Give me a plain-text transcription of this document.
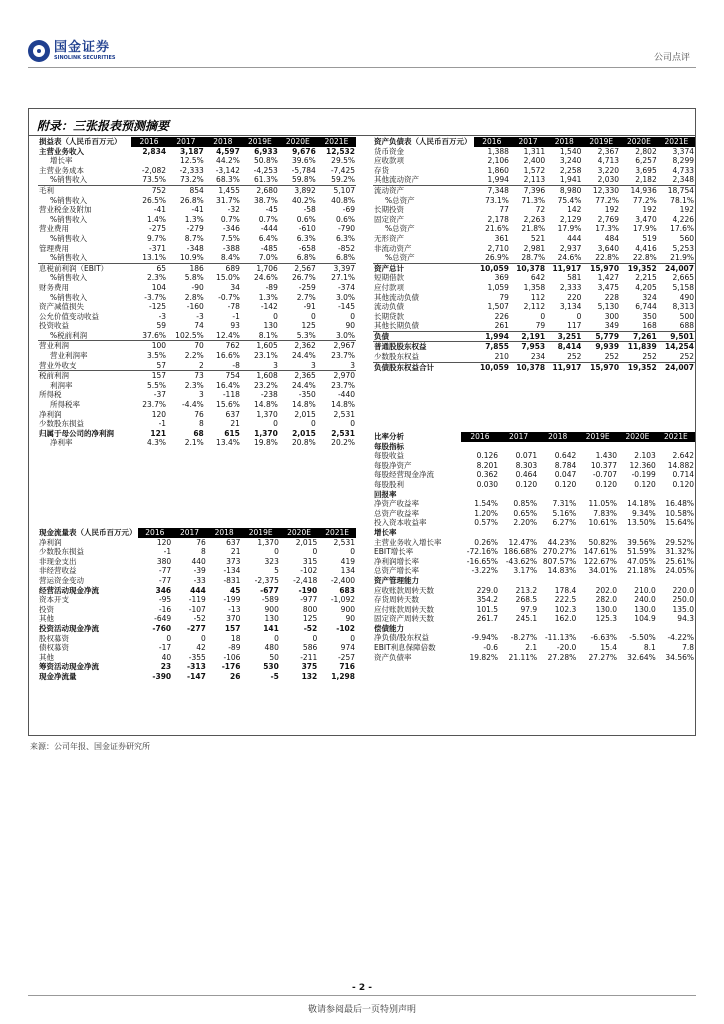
国金证券
SINOLINK SECURITIES	公司点评
附录：三张报表预测摘要
损益表（人民币百万元）	2016	2017	2018	2019E	2020E	2021E
主营业务收入	2,834	3,187	4,597	6,933	9,676	12,532
增长率		12.5%	44.2%	50.8%	39.6%	29.5%
主营业务成本	-2,082	-2,333	-3,142	-4,253	-5,784	-7,425
%销售收入	73.5%	73.2%	68.3%	61.3%	59.8%	59.2%
毛利	752	854	1,455	2,680	3,892	5,107
%销售收入	26.5%	26.8%	31.7%	38.7%	40.2%	40.8%
营业税金及附加	-41	-41	-32	-45	-58	-69
%销售收入	1.4%	1.3%	0.7%	0.7%	0.6%	0.6%
营业费用	-275	-279	-346	-444	-610	-790
%销售收入	9.7%	8.7%	7.5%	6.4%	6.3%	6.3%
管理费用	-371	-348	-388	-485	-658	-852
%销售收入	13.1%	10.9%	8.4%	7.0%	6.8%	6.8%
息税前利润（EBIT）	65	186	689	1,706	2,567	3,397
%销售收入	2.3%	5.8%	15.0%	24.6%	26.7%	27.1%
财务费用	104	-90	34	-89	-259	-374
%销售收入	-3.7%	2.8%	-0.7%	1.3%	2.7%	3.0%
资产减值损失	-125	-160	-78	-142	-91	-145
公允价值变动收益	-3	-3	-1	0	0	0
投资收益	59	74	93	130	125	90
%税前利润	37.6%	102.5%	12.4%	8.1%	5.3%	3.0%
营业利润	100	70	762	1,605	2,362	2,967
营业利润率	3.5%	2.2%	16.6%	23.1%	24.4%	23.7%
营业外收支	57	2	-8	3	3	3
税前利润	157	73	754	1,608	2,365	2,970
利润率	5.5%	2.3%	16.4%	23.2%	24.4%	23.7%
所得税	-37	3	-118	-238	-350	-440
所得税率	23.7%	-4.4%	15.6%	14.8%	14.8%	14.8%
净利润	120	76	637	1,370	2,015	2,531
少数股东损益	-1	8	21	0	0	0
归属于母公司的净利润	121	68	615	1,370	2,015	2,531
净利率	4.3%	2.1%	13.4%	19.8%	20.8%	20.2%
资产负债表（人民币百万元）	2016	2017	2018	2019E	2020E	2021E
货币资金	1,388	1,311	1,540	2,367	2,802	3,374
应收款项	2,106	2,400	3,240	4,713	6,257	8,299
存货	1,860	1,572	2,258	3,220	3,695	4,733
其他流动资产	1,994	2,113	1,941	2,030	2,182	2,348
流动资产	7,348	7,396	8,980	12,330	14,936	18,754
%总资产	73.1%	71.3%	75.4%	77.2%	77.2%	78.1%
长期投资	77	72	142	192	192	192
固定资产	2,178	2,263	2,129	2,769	3,470	4,226
%总资产	21.6%	21.8%	17.9%	17.3%	17.9%	17.6%
无形资产	361	521	444	484	519	560
非流动资产	2,710	2,981	2,937	3,640	4,416	5,253
%总资产	26.9%	28.7%	24.6%	22.8%	22.8%	21.9%
资产总计	10,059	10,378	11,917	15,970	19,352	24,007
短期借款	369	642	581	1,427	2,215	2,665
应付款项	1,059	1,358	2,333	3,475	4,205	5,158
其他流动负债	79	112	220	228	324	490
流动负债	1,507	2,112	3,134	5,130	6,744	8,313
长期贷款	226	0	0	300	350	500
其他长期负债	261	79	117	349	168	688
负债	1,994	2,191	3,251	5,779	7,261	9,501
普通股股东权益	7,855	7,953	8,414	9,939	11,839	14,254
少数股东权益	210	234	252	252	252	252
负债股东权益合计	10,059	10,378	11,917	15,970	19,352	24,007
比率分析	2016	2017	2018	2019E	2020E	2021E
每股指标						
每股收益	0.126	0.071	0.642	1.430	2.103	2.642
每股净资产	8.201	8.303	8.784	10.377	12.360	14.882
每股经营现金净流	0.362	0.464	0.047	-0.707	-0.199	0.714
每股股利	0.030	0.120	0.120	0.120	0.120	0.120
回报率						
净资产收益率	1.54%	0.85%	7.31%	11.05%	14.18%	16.48%
总资产收益率	1.20%	0.65%	5.16%	7.83%	9.34%	10.58%
投入资本收益率	0.57%	2.20%	6.27%	10.61%	13.50%	15.64%
增长率						
主营业务收入增长率	0.26%	12.47%	44.23%	50.82%	39.56%	29.52%
EBIT增长率	-72.16%	186.68%	270.27%	147.61%	51.59%	31.32%
净利润增长率	-16.65%	-43.62%	807.57%	122.67%	47.05%	25.61%
总资产增长率	-3.22%	3.17%	14.83%	34.01%	21.18%	24.05%
资产管理能力						
应收账款周转天数	229.0	213.2	178.4	202.0	210.0	220.0
存货周转天数	354.2	268.5	222.5	282.0	240.0	250.0
应付账款周转天数	101.5	97.9	102.3	130.0	130.0	135.0
固定资产周转天数	261.7	245.1	162.0	125.3	104.9	94.3
偿债能力						
净负债/股东权益	-9.94%	-8.27%	-11.13%	-6.63%	-5.50%	-4.22%
EBIT利息保障倍数	-0.6	2.1	-20.0	15.4	8.1	7.8
资产负债率	19.82%	21.11%	27.28%	27.27%	32.64%	34.56%
现金流量表（人民币百万元）	2016	2017	2018	2019E	2020E	2021E
净利润	120	76	637	1,370	2,015	2,531
少数股东损益	-1	8	21	0	0	0
非现金支出	380	440	373	323	315	419
非经营收益	-77	-39	-134	5	-102	134
营运资金变动	-77	-33	-831	-2,375	-2,418	-2,400
经营活动现金净流	346	444	45	-677	-190	683
资本开支	-95	-119	-199	-589	-977	-1,092
投资	-16	-107	-13	900	800	900
其他	-649	-52	370	130	125	90
投资活动现金净流	-760	-277	157	141	-52	-102
股权募资	0	0	18	0	0	0
债权募资	-17	42	-89	480	586	974
其他	40	-355	-106	50	-211	-257
筹资活动现金净流	23	-313	-176	530	375	716
现金净流量	-390	-147	26	-5	132	1,298
来源：公司年报、国金证券研究所
- 2 -
敬请参阅最后一页特别声明
